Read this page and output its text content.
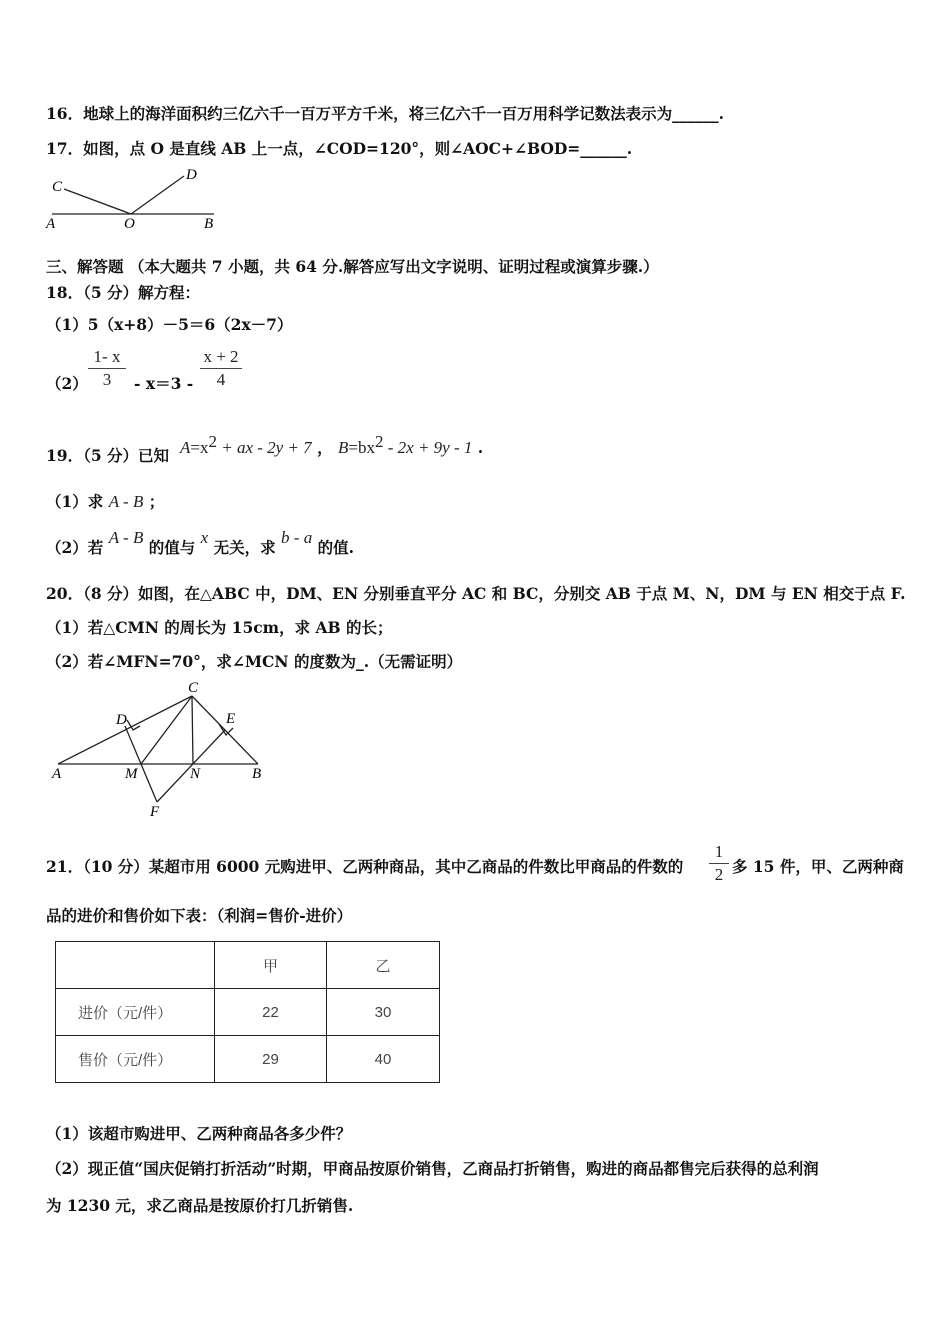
16．地球上的海洋面积约三亿六千一百万平方千米，将三亿六千一百万用科学记数法表示为______.
17．如图，点 O 是直线 AB 上一点，∠COD=120°，则∠AOC+∠BOD=______.
C
D
A	O	B
三、解答题 （本大题共 7 小题，共 64 分.解答应写出文字说明、证明过程或演算步骤.）
18．（5 分）解方程：
（1）5（x+8）－5＝6（2x－7）
（2）
1- x
3	- x＝3 -
x + 2
4
19．（5 分）已知 $A=x^2$ + ax - 2y + 7 ， $B=bx^2 - 2x + 9y - 1$ .
（1）求 A - B ；
（2）若 A - B 的值与 x 无关，求 b - a 的值.
20．（8 分）如图，在△ABC 中，DM、EN 分别垂直平分 AC 和 BC，分别交 AB 于点 M、N，DM 与 EN 相交于点 F.
（1）若△CMN 的周长为 15cm，求 AB 的长；
（2）若∠MFN=70°，求∠MCN 的度数为_.（无需证明）
C
D	E
A	M	N	B
F
21．（10 分）某超市用 6000 元购进甲、乙两种商品，其中乙商品的件数比甲商品的件数的
1
2 多 15 件，甲、乙两种商
品的进价和售价如下表：（利润=售价-进价）
	甲	乙
进价（元/件）	22	30
售价（元/件）	29	40
（1）该超市购进甲、乙两种商品各多少件？
（2）现正值“国庆促销打折活动”时期，甲商品按原价销售，乙商品打折销售，购进的商品都售完后获得的总利润
为 1230 元，求乙商品是按原价打几折销售.
